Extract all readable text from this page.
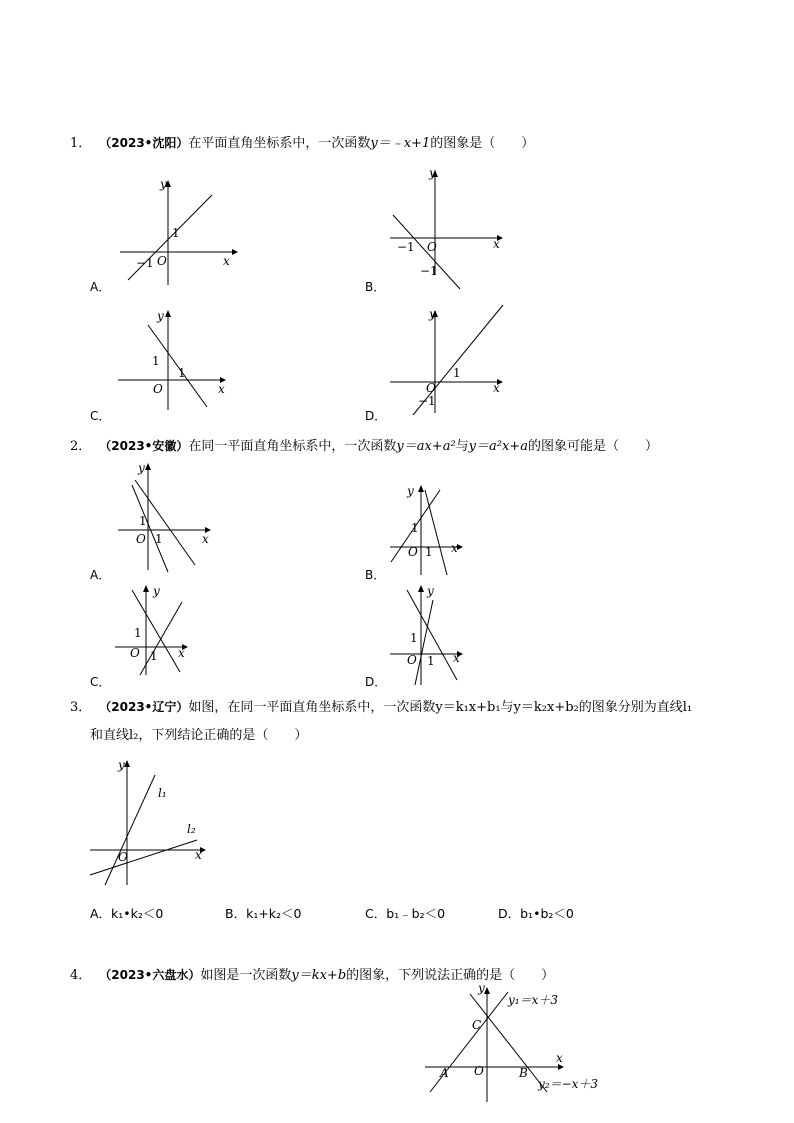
1． （2023•沈阳）在平面直角坐标系中，一次函数y＝﹣x+1的图象是（　　）
y
x
1
−1 O
A．
y
x
−1
−1
O
B．
y
x
1
1
O
C．
y
x
1
−1
O
D．
2． （2023•安徽）在同一平面直角坐标系中，一次函数y＝ax+a²与y＝a²x+a的图象可能是（　　）
y
x
1
1
O
A．
y
x
1
1
O
B．
y
x
1
1
O
C．
y
x
1
1
O
D．
3． （2023•辽宁）如图，在同一平面直角坐标系中，一次函数y＝k₁x+b₁与y＝k₂x+b₂的图象分别为直线l₁
和直线l₂，下列结论正确的是（　　）
y
x
l₁
l₂
O
A．k₁•k₂＜0	B．k₁+k₂＜0	C．b₁﹣b₂＜0	D．b₁•b₂＜0
4． （2023•六盘水）如图是一次函数y＝kx+b的图象，下列说法正确的是（　　）
y
x
C
A O	B
y₁＝x＋3
y₂＝−x＋3
